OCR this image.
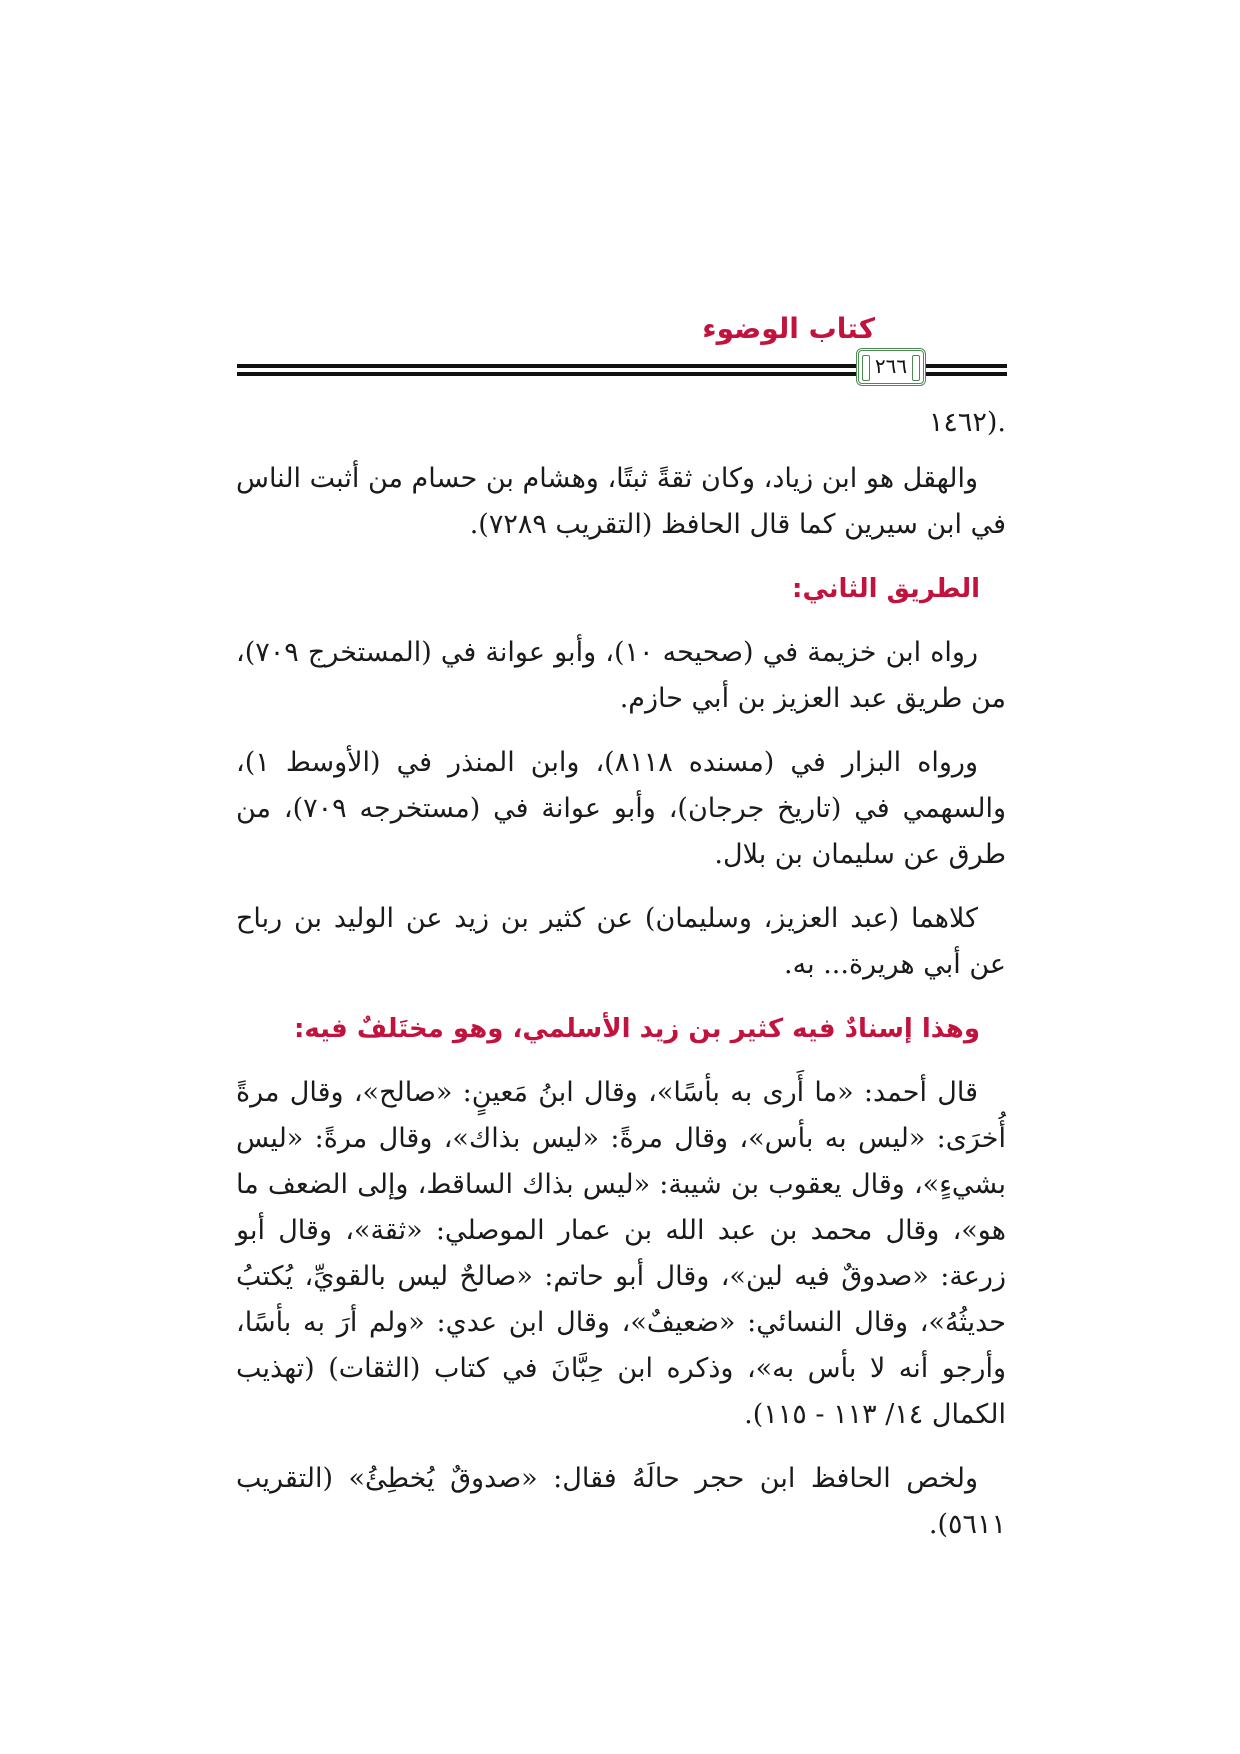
كتاب الوضوء
٢٦٦

.(١٤٦٢

والهقل هو ابن زياد، وكان ثقةً ثبتًا، وهشام بن حسام من أثبت الناس في ابن سيرين كما قال الحافظ (التقريب ٧٢٨٩).

الطريق الثاني:

رواه ابن خزيمة في (صحيحه ١٠)، وأبو عوانة في (المستخرج ٧٠٩)، من طريق عبد العزيز بن أبي حازم.

ورواه البزار في (مسنده ٨١١٨)، وابن المنذر في (الأوسط ١)، والسهمي في (تاريخ جرجان)، وأبو عوانة في (مستخرجه ٧٠٩)، من طرق عن سليمان بن بلال.

كلاهما (عبد العزيز، وسليمان) عن كثير بن زيد عن الوليد بن رباح عن أبي هريرة... به.

وهذا إسنادٌ فيه كثير بن زيد الأسلمي، وهو مختَلفٌ فيه:

قال أحمد: «ما أَرى به بأسًا»، وقال ابنُ مَعينٍ: «صالح»، وقال مرةً أُخرَى: «ليس به بأس»، وقال مرةً: «ليس بذاك»، وقال مرةً: «ليس بشيءٍ»، وقال يعقوب بن شيبة: «ليس بذاك الساقط، وإلى الضعف ما هو»، وقال محمد بن عبد الله بن عمار الموصلي: «ثقة»، وقال أبو زرعة: «صدوقٌ فيه لين»، وقال أبو حاتم: «صالحٌ ليس بالقويِّ، يُكتبُ حديثُهُ»، وقال النسائي: «ضعيفٌ»، وقال ابن عدي: «ولم أرَ به بأسًا، وأرجو أنه لا بأس به»، وذكره ابن حِبَّانَ في كتاب (الثقات) (تهذيب الكمال ١٤/ ١١٣ - ١١٥).

ولخص الحافظ ابن حجر حالَهُ فقال: «صدوقٌ يُخطِئُ» (التقريب ٥٦١١).
